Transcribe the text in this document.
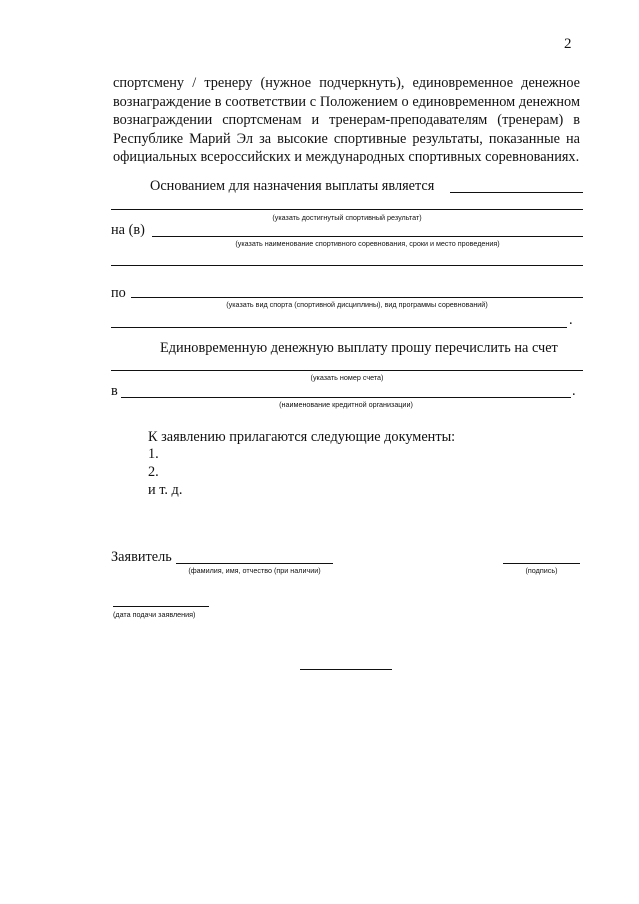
2
спортсмену / тренеру (нужное подчеркнуть), единовременное денежное вознаграждение в соответствии с Положением о единовременном денежном вознаграждении спортсменам и тренерам-преподавателям (тренерам) в Республике Марий Эл за высокие спортивные результаты, показанные на официальных всероссийских и международных спортивных соревнованиях.
Основанием для назначения выплаты является
(указать достигнутый спортивный результат)
на (в)
(указать наименование спортивного соревнования, сроки и место проведения)
по
(указать вид спорта (спортивной дисциплины), вид программы соревнований)
.
Единовременную денежную выплату прошу перечислить на счет
(указать номер счета)
в	.
(наименование кредитной организации)
К заявлению прилагаются следующие документы:
1.
2.
и т. д.
Заявитель
(фамилия, имя, отчество (при наличии)	(подпись)
(дата подачи заявления)
